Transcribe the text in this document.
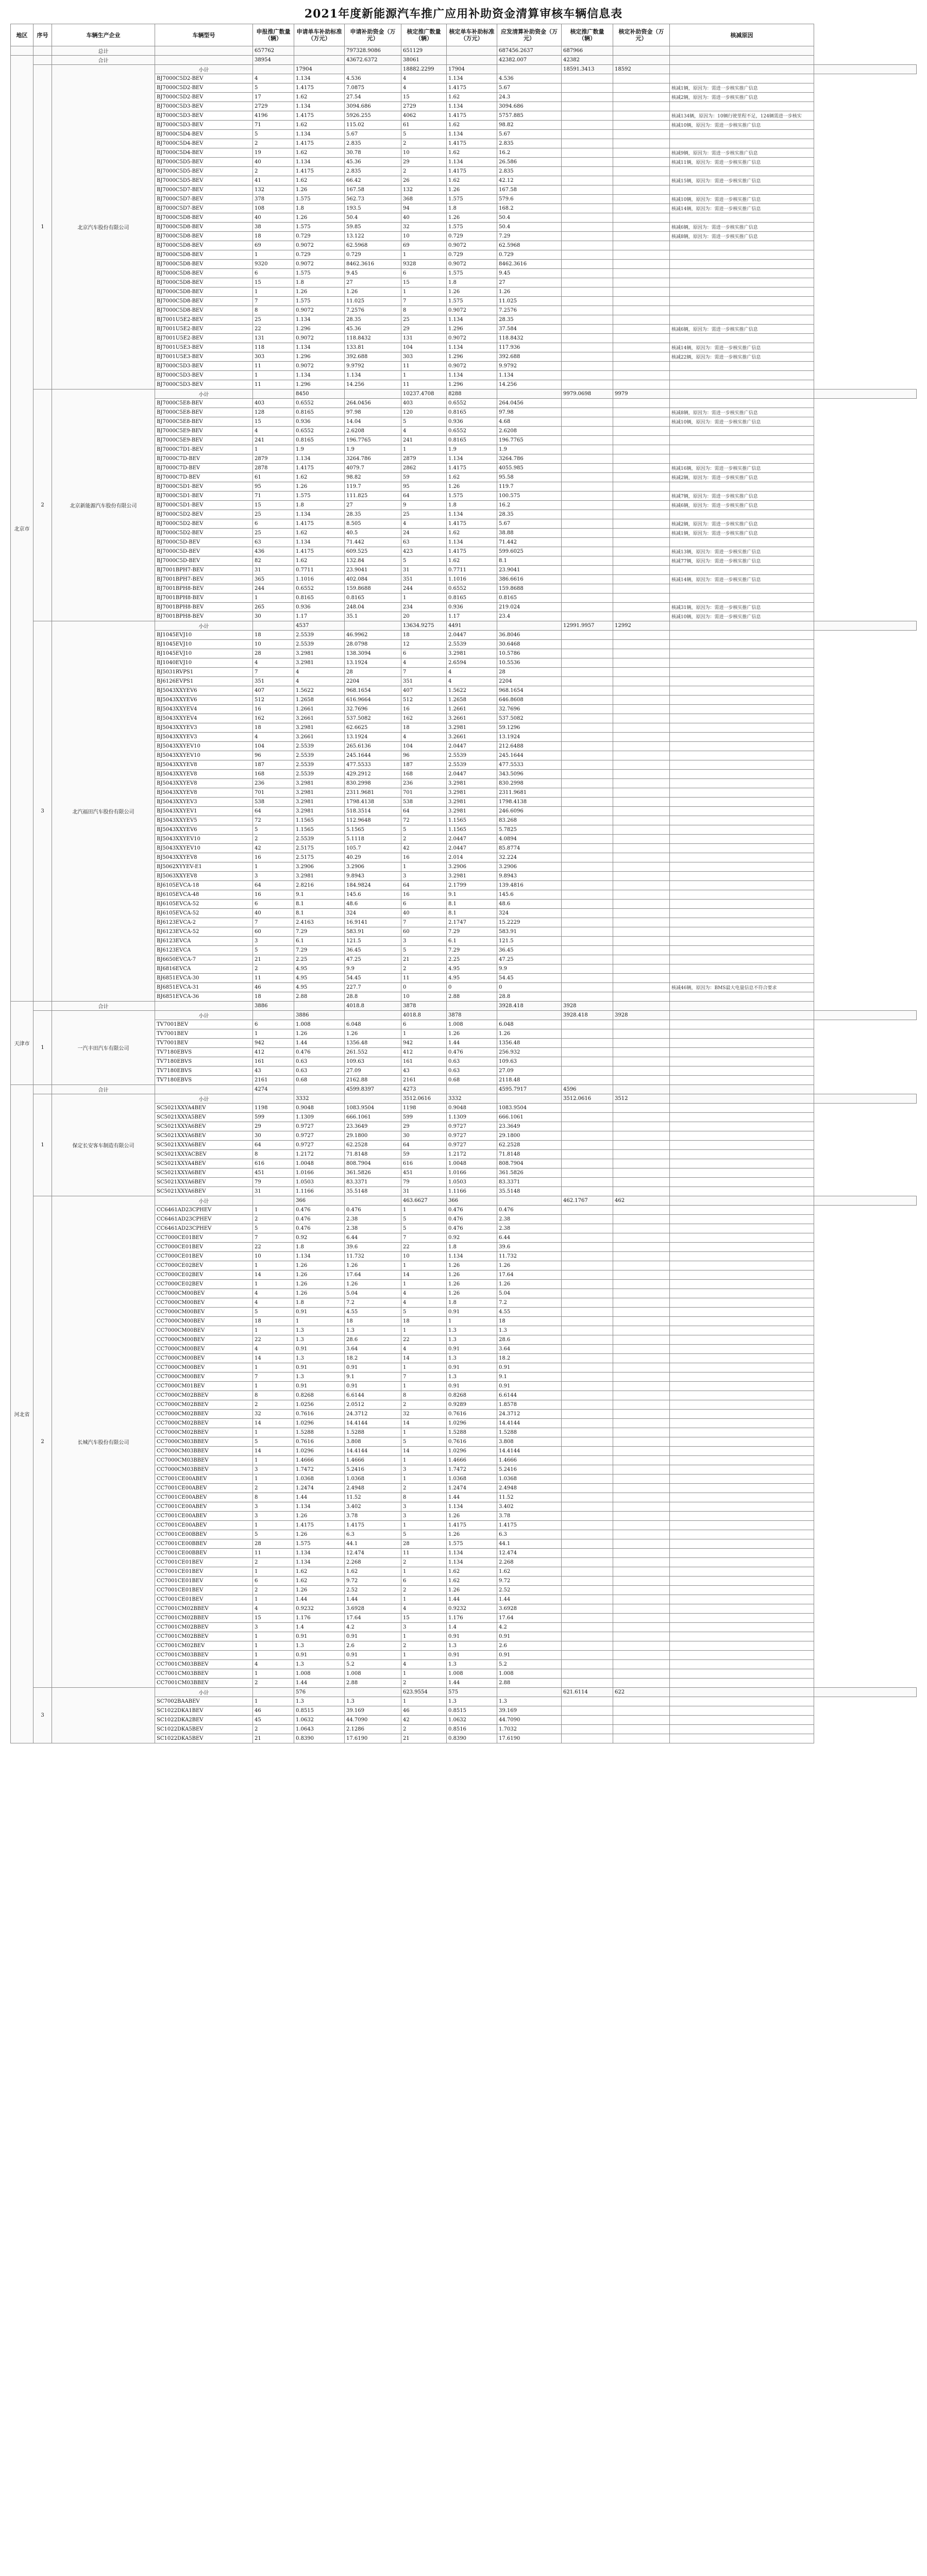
2021年度新能源汽车推广应用补助资金清算审核车辆信息表
地区	序号	车辆生产企业	车辆型号	申报推广数量（辆）	申请单车补助标准（万元）	申请补助资金（万元）	核定推广数量（辆）	核定单车补助标准（万元）	应发清算补助资金（万元）	核定推广数量（辆）	核定补助资金（万元）	核减原因	
		总计		657762		797328.9086	651129		687456.2637	687966			
北京市		合计		38954		43672.6372	38061		42382.007	42382			
	1	北京汽车股份有限公司	小计		17904		18882.2299	17904		18591.3413	18592		
			BJ7000C5D2-BEV	4	1.134	4.536	4	1.134	4.536				
			BJ7000C5D2-BEV	5	1.4175	7.0875	4	1.4175	5.67			核减1辆，原因为：需进一步核实推广信息	
			BJ7000C5D2-BEV	17	1.62	27.54	15	1.62	24.3			核减2辆，原因为：需进一步核实推广信息	
			BJ7000C5D3-BEV	2729	1.134	3094.686	2729	1.134	3094.686				
			BJ7000C5D3-BEV	4196	1.4175	5926.255	4062	1.4175	5757.885			核减134辆，原因为：10辆行驶里程不足，124辆需进一步核实	
			BJ7000C5D3-BEV	71	1.62	115.02	61	1.62	98.82			核减10辆，原因为：需进一步核实推广信息	
			BJ7000C5D4-BEV	5	1.134	5.67	5	1.134	5.67				
			BJ7000C5D4-BEV	2	1.4175	2.835	2	1.4175	2.835				
			BJ7000C5D4-BEV	19	1.62	30.78	10	1.62	16.2			核减9辆，原因为：需进一步核实推广信息	
			BJ7000C5D5-BEV	40	1.134	45.36	29	1.134	26.586			核减11辆，原因为：需进一步核实推广信息	
			BJ7000C5D5-BEV	2	1.4175	2.835	2	1.4175	2.835				
			BJ7000C5D5-BEV	41	1.62	66.42	26	1.62	42.12			核减15辆，原因为：需进一步核实推广信息	
			BJ7000C5D7-BEV	132	1.26	167.58	132	1.26	167.58				
			BJ7000C5D7-BEV	378	1.575	562.73	368	1.575	579.6			核减10辆，原因为：需进一步核实推广信息	
			BJ7000C5D7-BEV	108	1.8	193.5	94	1.8	168.2			核减14辆，原因为：需进一步核实推广信息	
			BJ7000C5D8-BEV	40	1.26	50.4	40	1.26	50.4				
			BJ7000C5D8-BEV	38	1.575	59.85	32	1.575	50.4			核减6辆，原因为：需进一步核实推广信息	
			BJ7000C5D8-BEV	18	0.729	13.122	10	0.729	7.29			核减8辆，原因为：需进一步核实推广信息	
			BJ7000C5D8-BEV	69	0.9072	62.5968	69	0.9072	62.5968				
			BJ7000C5D8-BEV	1	0.729	0.729	1	0.729	0.729				
			BJ7000C5D8-BEV	9320	0.9072	8462.3616	9328	0.9072	8462.3616				
			BJ7000C5D8-BEV	6	1.575	9.45	6	1.575	9.45				
			BJ7000C5D8-BEV	15	1.8	27	15	1.8	27				
			BJ7000C5D8-BEV	1	1.26	1.26	1	1.26	1.26				
			BJ7000C5D8-BEV	7	1.575	11.025	7	1.575	11.025				
			BJ7000C5D8-BEV	8	0.9072	7.2576	8	0.9072	7.2576				
			BJ7001U5E2-BEV	25	1.134	28.35	25	1.134	28.35				
			BJ7001U5E2-BEV	22	1.296	45.36	29	1.296	37.584			核减6辆，原因为：需进一步核实推广信息	
			BJ7001U5E2-BEV	131	0.9072	118.8432	131	0.9072	118.8432				
			BJ7001U5E3-BEV	118	1.134	133.81	104	1.134	117.936			核减14辆，原因为：需进一步核实推广信息	
			BJ7001U5E3-BEV	303	1.296	392.688	303	1.296	392.688			核减22辆，原因为：需进一步核实推广信息	
			BJ7000C5D3-BEV	11	0.9072	9.9792	11	0.9072	9.9792				
			BJ7000C5D3-BEV	1	1.134	1.134	1	1.134	1.134				
			BJ7000C5D3-BEV	11	1.296	14.256	11	1.296	14.256				
	2	北京新能源汽车股份有限公司	小计		8450		10237.4708	8288		9979.0698	9979		
			BJ7000C5E8-BEV	403	0.6552	264.0456	403	0.6552	264.0456				
			BJ7000C5E8-BEV	128	0.8165	97.98	120	0.8165	97.98			核减8辆，原因为：需进一步核实推广信息	
			BJ7000C5E8-BEV	15	0.936	14.04	5	0.936	4.68			核减10辆，原因为：需进一步核实推广信息	
			BJ7000C5E9-BEV	4	0.6552	2.6208	4	0.6552	2.6208				
			BJ7000C5E9-BEV	241	0.8165	196.7765	241	0.8165	196.7765				
			BJ7000C7D1-BEV	1	1.9	1.9	1	1.9	1.9				
			BJ7000C7D-BEV	2879	1.134	3264.786	2879	1.134	3264.786				
			BJ7000C7D-BEV	2878	1.4175	4079.7	2862	1.4175	4055.985			核减16辆，原因为：需进一步核实推广信息	
			BJ7000C7D-BEV	61	1.62	98.82	59	1.62	95.58			核减2辆，原因为：需进一步核实推广信息	
			BJ7000C5D1-BEV	95	1.26	119.7	95	1.26	119.7				
			BJ7000C5D1-BEV	71	1.575	111.825	64	1.575	100.575			核减7辆，原因为：需进一步核实推广信息	
			BJ7000C5D1-BEV	15	1.8	27	9	1.8	16.2			核减6辆，原因为：需进一步核实推广信息	
			BJ7000C5D2-BEV	25	1.134	28.35	25	1.134	28.35				
			BJ7000C5D2-BEV	6	1.4175	8.505	4	1.4175	5.67			核减2辆，原因为：需进一步核实推广信息	
			BJ7000C5D2-BEV	25	1.62	40.5	24	1.62	38.88			核减1辆，原因为：需进一步核实推广信息	
			BJ7000C5D-BEV	63	1.134	71.442	63	1.134	71.442				
			BJ7000C5D-BEV	436	1.4175	609.525	423	1.4175	599.6025			核减13辆，原因为：需进一步核实推广信息	
			BJ7000C5D-BEV	82	1.62	132.84	5	1.62	8.1			核减77辆，原因为：需进一步核实推广信息	
			BJ7001BPH7-BEV	31	0.7711	23.9041	31	0.7711	23.9041				
			BJ7001BPH7-BEV	365	1.1016	402.084	351	1.1016	386.6616			核减14辆，原因为：需进一步核实推广信息	
			BJ7001BPH8-BEV	244	0.6552	159.8688	244	0.6552	159.8688				
			BJ7001BPH8-BEV	1	0.8165	0.8165	1	0.8165	0.8165				
			BJ7001BPH8-BEV	265	0.936	248.04	234	0.936	219.024			核减31辆，原因为：需进一步核实推广信息	
			BJ7001BPH8-BEV	30	1.17	35.1	20	1.17	23.4			核减10辆，原因为：需进一步核实推广信息	
	3	北汽福田汽车股份有限公司	小计		4537		13634.9275	4491		12991.9957	12992		
			BJ1045EVJ10	18	2.5539	46.9962	18	2.0447	36.8046				
			BJ1045EVJ10	10	2.5539	28.0798	12	2.5539	30.6468				
			BJ1045EVJ10	28	3.2981	138.3094	6	3.2981	10.5786				
			BJ1040EVJ10	4	3.2981	13.1924	4	2.6594	10.5536				
			BJ5031RVPS1	7	4	28	7	4	28				
			BJ6126EVPS1	351	4	2204	351	4	2204				
			BJ5043XXYEV6	407	1.5622	968.1654	407	1.5622	968.1654				
			BJ5043XXYEV6	512	1.2658	616.9664	512	1.2658	646.8608				
			BJ5043XXYEV4	16	1.2661	32.7696	16	1.2661	32.7696				
			BJ5043XXYEV4	162	3.2661	537.5082	162	3.2661	537.5082				
			BJ5043XXYEV3	18	3.2981	62.6625	18	3.2981	59.1296				
			BJ5043XXYEV3	4	3.2661	13.1924	4	3.2661	13.1924				
			BJ5043XXYEV10	104	2.5539	265.6136	104	2.0447	212.6488				
			BJ5043XXYEV10	96	2.5539	245.1644	96	2.5539	245.1644				
			BJ5043XXYEV8	187	2.5539	477.5533	187	2.5539	477.5533				
			BJ5043XXYEV8	168	2.5539	429.2912	168	2.0447	343.5096				
			BJ5043XXYEV8	236	3.2981	830.2998	236	3.2981	830.2998				
			BJ5043XXYEV8	701	3.2981	2311.9681	701	3.2981	2311.9681				
			BJ5043XXYEV3	538	3.2981	1798.4138	538	3.2981	1798.4138				
			BJ5043XXYEV1	64	3.2981	518.3514	64	3.2981	246.6096				
			BJ5043XXYEV5	72	1.1565	112.9648	72	1.1565	83.268				
			BJ5043XXYEV6	5	1.1565	5.1565	5	1.1565	5.7825				
			BJ5043XXYEV10	2	2.5539	5.1118	2	2.0447	4.0894				
			BJ5043XXYEV10	42	2.5175	105.7	42	2.0447	85.8774				
			BJ5043XXYEV8	16	2.5175	40.29	16	2.014	32.224				
			BJ5062XYYEV-E1	1	3.2906	3.2906	1	3.2906	3.2906				
			BJ5063XXYEV8	3	3.2981	9.8943	3	3.2981	9.8943				
			BJ6105EVCA-18	64	2.8216	184.9824	64	2.1799	139.4816				
			BJ6105EVCA-48	16	9.1	145.6	16	9.1	145.6				
			BJ6105EVCA-52	6	8.1	48.6	6	8.1	48.6				
			BJ6105EVCA-52	40	8.1	324	40	8.1	324				
			BJ6123EVCA-2	7	2.4163	16.9141	7	2.1747	15.2229				
			BJ6123EVCA-52	60	7.29	583.91	60	7.29	583.91				
			BJ6123EVCA	3	6.1	121.5	3	6.1	121.5				
			BJ6123EVCA	5	7.29	36.45	5	7.29	36.45				
			BJ6650EVCA-7	21	2.25	47.25	21	2.25	47.25				
			BJ6816EVCA	2	4.95	9.9	2	4.95	9.9				
			BJ6851EVCA-30	11	4.95	54.45	11	4.95	54.45				
			BJ6851EVCA-31	46	4.95	227.7	0	0	0			核减46辆，原因为：BMS最大电量信息不符合要求	
			BJ6851EVCA-36	18	2.88	28.8	10	2.88	28.8				
天津市		合计		3886		4018.8	3878		3928.418	3928			
	1	一汽丰田汽车有限公司	小计		3886		4018.8	3878		3928.418	3928		
			TV7001BEV	6	1.008	6.048	6	1.008	6.048				
			TV7001BEV	1	1.26	1.26	1	1.26	1.26				
			TV7001BEV	942	1.44	1356.48	942	1.44	1356.48				
			TV7180EBVS	412	0.476	261.552	412	0.476	256.932				
			TV7180EBVS	161	0.63	109.63	161	0.63	109.63				
			TV7180EBVS	43	0.63	27.09	43	0.63	27.09				
			TV7180EBVS	2161	0.68	2162.88	2161	0.68	2118.48				
河北省		合计		4274		4599.8397	4273		4595.7917	4596			
	1	保定长安客车制造有限公司	小计		3332		3512.0616	3332		3512.0616	3512		
			SC5021XXYA4BEV	1198	0.9048	1083.9504	1198	0.9048	1083.9504				
			SC5021XXYA5BEV	599	1.1309	666.1061	599	1.1309	666.1061				
			SC5021XXYA6BEV	29	0.9727	23.3649	29	0.9727	23.3649				
			SC5021XXYA6BEV	30	0.9727	29.1800	30	0.9727	29.1800				
			SC5021XXYA6BEV	64	0.9727	62.2528	64	0.9727	62.2528				
			SC5021XXYACBEV	8	1.2172	71.8148	59	1.2172	71.8148				
			SC5021XXYA4BEV	616	1.0048	808.7904	616	1.0048	808.7904				
			SC5021XXYA6BEV	451	1.0166	361.5826	451	1.0166	361.5826				
			SC5021XXYA6BEV	79	1.0503	83.3371	79	1.0503	83.3371				
			SC5021XXYA6BEV	31	1.1166	35.5148	31	1.1166	35.5148				
	2	长城汽车股份有限公司	小计		366		463.6627	366		462.1767	462		
			CC6461AD23CPHEV	1	0.476	0.476	1	0.476	0.476				
			CC6461AD23CPHEV	2	0.476	2.38	5	0.476	2.38				
			CC6461AD23CPHEV	5	0.476	2.38	5	0.476	2.38				
			CC7000CE01BEV	7	0.92	6.44	7	0.92	6.44				
			CC7000CE01BEV	22	1.8	39.6	22	1.8	39.6				
			CC7000CE01BEV	10	1.134	11.732	10	1.134	11.732				
			CC7000CE02BEV	1	1.26	1.26	1	1.26	1.26				
			CC7000CE02BEV	14	1.26	17.64	14	1.26	17.64				
			CC7000CE02BEV	1	1.26	1.26	1	1.26	1.26				
			CC7000CM00BEV	4	1.26	5.04	4	1.26	5.04				
			CC7000CM00BEV	4	1.8	7.2	4	1.8	7.2				
			CC7000CM00BEV	5	0.91	4.55	5	0.91	4.55				
			CC7000CM00BEV	18	1	18	18	1	18				
			CC7000CM00BEV	1	1.3	1.3	1	1.3	1.3				
			CC7000CM00BEV	22	1.3	28.6	22	1.3	28.6				
			CC7000CM00BEV	4	0.91	3.64	4	0.91	3.64				
			CC7000CM00BEV	14	1.3	18.2	14	1.3	18.2				
			CC7000CM00BEV	1	0.91	0.91	1	0.91	0.91				
			CC7000CM00BEV	7	1.3	9.1	7	1.3	9.1				
			CC7000CM01BEV	1	0.91	0.91	1	0.91	0.91				
			CC7000CM02BBEV	8	0.8268	6.6144	8	0.8268	6.6144				
			CC7000CM02BBEV	2	1.0256	2.0512	2	0.9289	1.8578				
			CC7000CM02BBEV	32	0.7616	24.3712	32	0.7616	24.3712				
			CC7000CM02BBEV	14	1.0296	14.4144	14	1.0296	14.4144				
			CC7000CM02BBEV	1	1.5288	1.5288	1	1.5288	1.5288				
			CC7000CM03BBEV	5	0.7616	3.808	5	0.7616	3.808				
			CC7000CM03BBEV	14	1.0296	14.4144	14	1.0296	14.4144				
			CC7000CM03BBEV	1	1.4666	1.4666	1	1.4666	1.4666				
			CC7000CM03BBEV	3	1.7472	5.2416	3	1.7472	5.2416				
			CC7001CE00ABEV	1	1.0368	1.0368	1	1.0368	1.0368				
			CC7001CE00ABEV	2	1.2474	2.4948	2	1.2474	2.4948				
			CC7001CE00ABEV	8	1.44	11.52	8	1.44	11.52				
			CC7001CE00ABEV	3	1.134	3.402	3	1.134	3.402				
			CC7001CE00ABEV	3	1.26	3.78	3	1.26	3.78				
			CC7001CE00ABEV	1	1.4175	1.4175	1	1.4175	1.4175				
			CC7001CE00BBEV	5	1.26	6.3	5	1.26	6.3				
			CC7001CE00BBEV	28	1.575	44.1	28	1.575	44.1				
			CC7001CE00BBEV	11	1.134	12.474	11	1.134	12.474				
			CC7001CE01BEV	2	1.134	2.268	2	1.134	2.268				
			CC7001CE01BEV	1	1.62	1.62	1	1.62	1.62				
			CC7001CE01BEV	6	1.62	9.72	6	1.62	9.72				
			CC7001CE01BEV	2	1.26	2.52	2	1.26	2.52				
			CC7001CE01BEV	1	1.44	1.44	1	1.44	1.44				
			CC7001CM02BBEV	4	0.9232	3.6928	4	0.9232	3.6928				
			CC7001CM02BBEV	15	1.176	17.64	15	1.176	17.64				
			CC7001CM02BBEV	3	1.4	4.2	3	1.4	4.2				
			CC7001CM02BBEV	1	0.91	0.91	1	0.91	0.91				
			CC7001CM02BEV	1	1.3	2.6	2	1.3	2.6				
			CC7001CM03BBEV	1	0.91	0.91	1	0.91	0.91				
			CC7001CM03BBEV	4	1.3	5.2	4	1.3	5.2				
			CC7001CM03BBEV	1	1.008	1.008	1	1.008	1.008				
			CC7001CM03BBEV	2	1.44	2.88	2	1.44	2.88				
	3		小计		576		623.9554	575		621.6114	622		
			SC7002BAABEV	1	1.3	1.3	1	1.3	1.3				
			SC1022DKA1BEV	46	0.8515	39.169	46	0.8515	39.169				
			SC1022DKA2BEV	45	1.0632	44.7090	42	1.0632	44.7090				
			SC1022DKA5BEV	2	1.0643	2.1286	2	0.8516	1.7032				
			SC1022DKA5BEV	21	0.8390	17.6190	21	0.8390	17.6190				
